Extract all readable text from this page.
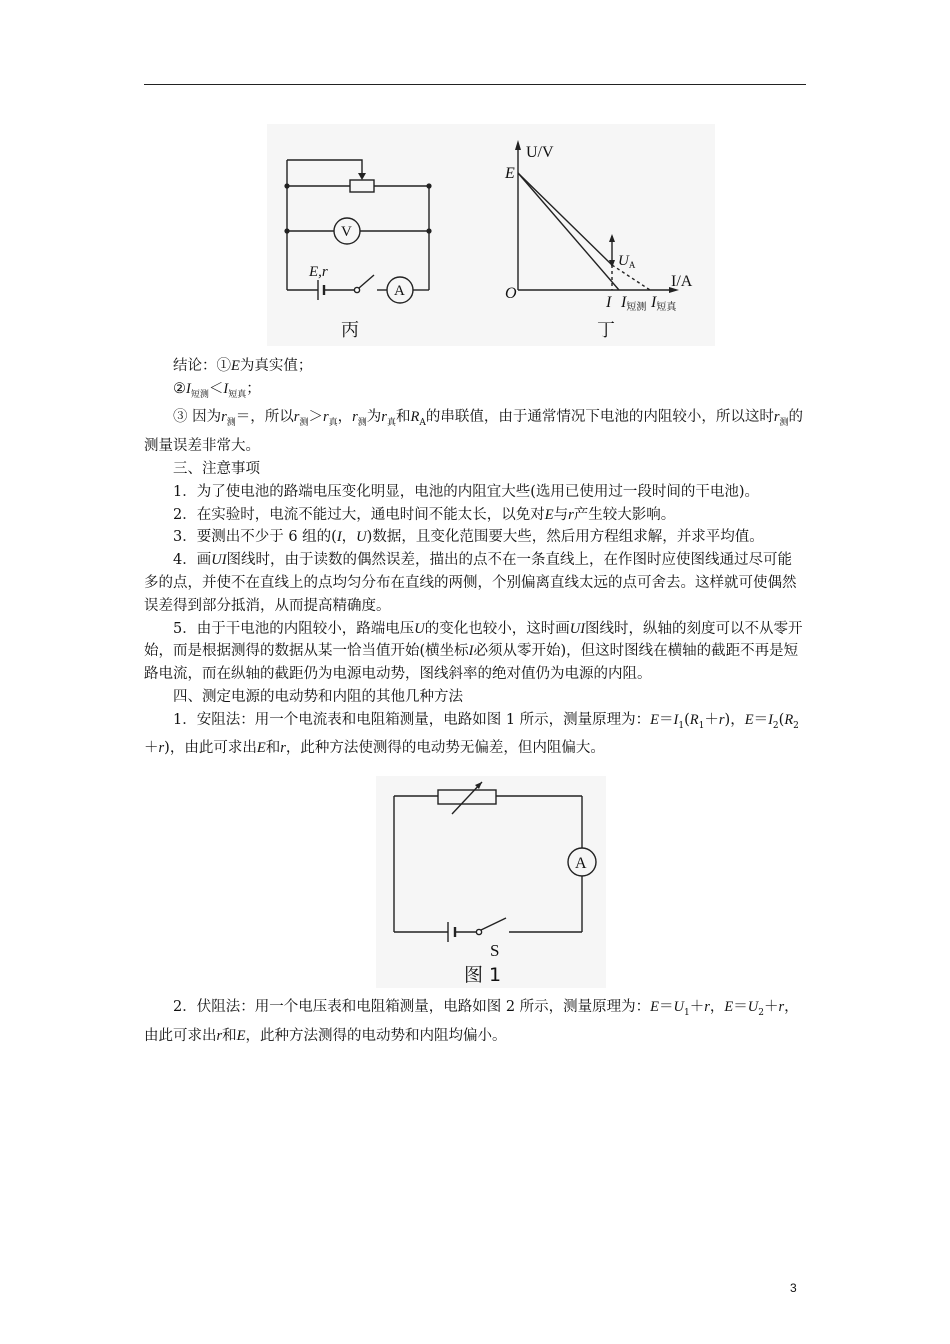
E,r
V
A
U/V
I/A
O
E
$U_A$
I I短测 I短真
丙	丁

结论：①E为真实值；

$②I_{短测}<I_{短真}$；

③ 因为$r_测=$，所以$r_测>r_真$，$r_测$为$r_真$和$R_A$的串联值，由于通常情况下电池的内阻较小，所以这时$r_测$的测量误差非常大。

三、注意事项

1．为了使电池的路端电压变化明显，电池的内阻宜大些(选用已使用过一段时间的干电池)。

2．在实验时，电流不能过大，通电时间不能太长，以免对E与r产生较大影响。

3．要测出不少于 6 组的(I，U)数据，且变化范围要大些，然后用方程组求解，并求平均值。

4．画UI图线时，由于读数的偶然误差，描出的点不在一条直线上，在作图时应使图线通过尽可能多的点，并使不在直线上的点均匀分布在直线的两侧，个别偏离直线太远的点可舍去。这样就可使偶然误差得到部分抵消，从而提高精确度。

5．由于干电池的内阻较小，路端电压U的变化也较小，这时画UI图线时，纵轴的刻度可以不从零开始，而是根据测得的数据从某一恰当值开始(横坐标I必须从零开始)，但这时图线在横轴的截距不再是短路电流，而在纵轴的截距仍为电源电动势，图线斜率的绝对值仍为电源的内阻。

四、测定电源的电动势和内阻的其他几种方法

1．安阻法：用一个电流表和电阻箱测量，电路如图 1 所示，测量原理为：$E=I_1(R_1+r)$，$E=I_2(R_2+r)$，由此可求出E和r，此种方法使测得的电动势无偏差，但内阻偏大。

A
S
图 1

2．伏阻法：用一个电压表和电阻箱测量，电路如图 2 所示，测量原理为：$E=U_1+r$，$E=U_2+r$，由此可求出r和E，此种方法测得的电动势和内阻均偏小。

3
